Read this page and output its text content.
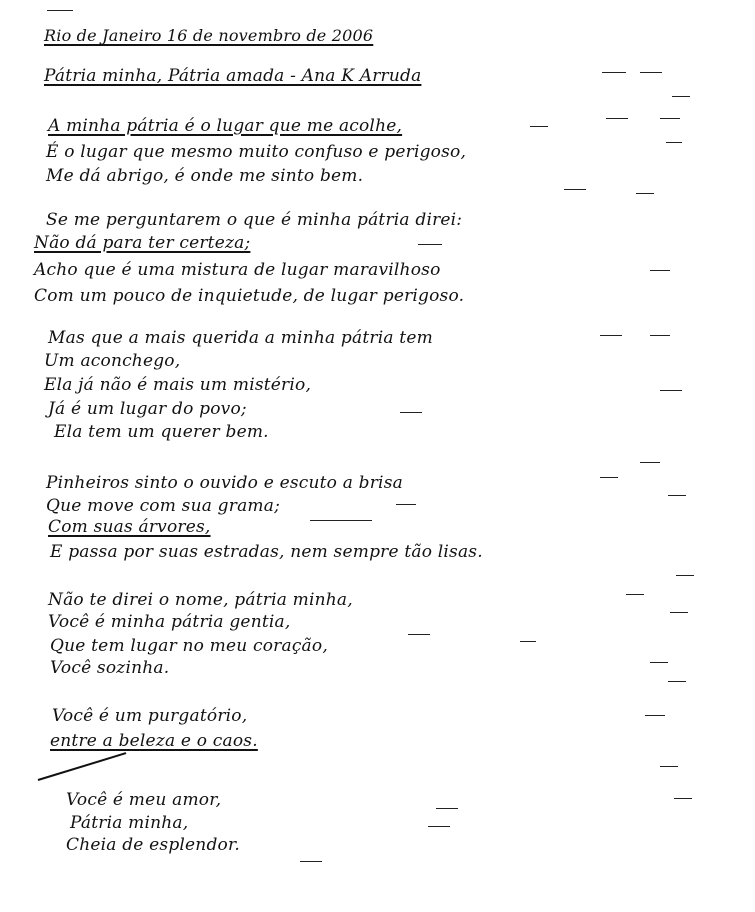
Rio de Janeiro 16 de novembro de 2006
Pátria minha, Pátria amada - Ana K Arruda
A minha pátria é o lugar que me acolhe,
É o lugar que mesmo muito confuso e perigoso,
Me dá abrigo, é onde me sinto bem.
Se me perguntarem o que é minha pátria direi:
Não dá para ter certeza;
Acho que é uma mistura de lugar maravilhoso
Com um pouco de inquietude, de lugar perigoso.
Mas que a mais querida a minha pátria tem
Um aconchego,
Ela já não é mais um mistério,
Já é um lugar do povo;
Ela tem um querer bem.
Pinheiros sinto o ouvido e escuto a brisa
Que move com sua grama;
Com suas árvores,
E passa por suas estradas, nem sempre tão lisas.
Não te direi o nome, pátria minha,
Você é minha pátria gentia,
Que tem lugar no meu coração,
Você sozinha.
Você é um purgatório,
entre a beleza e o caos.
Você é meu amor,
Pátria minha,
Cheia de esplendor.
